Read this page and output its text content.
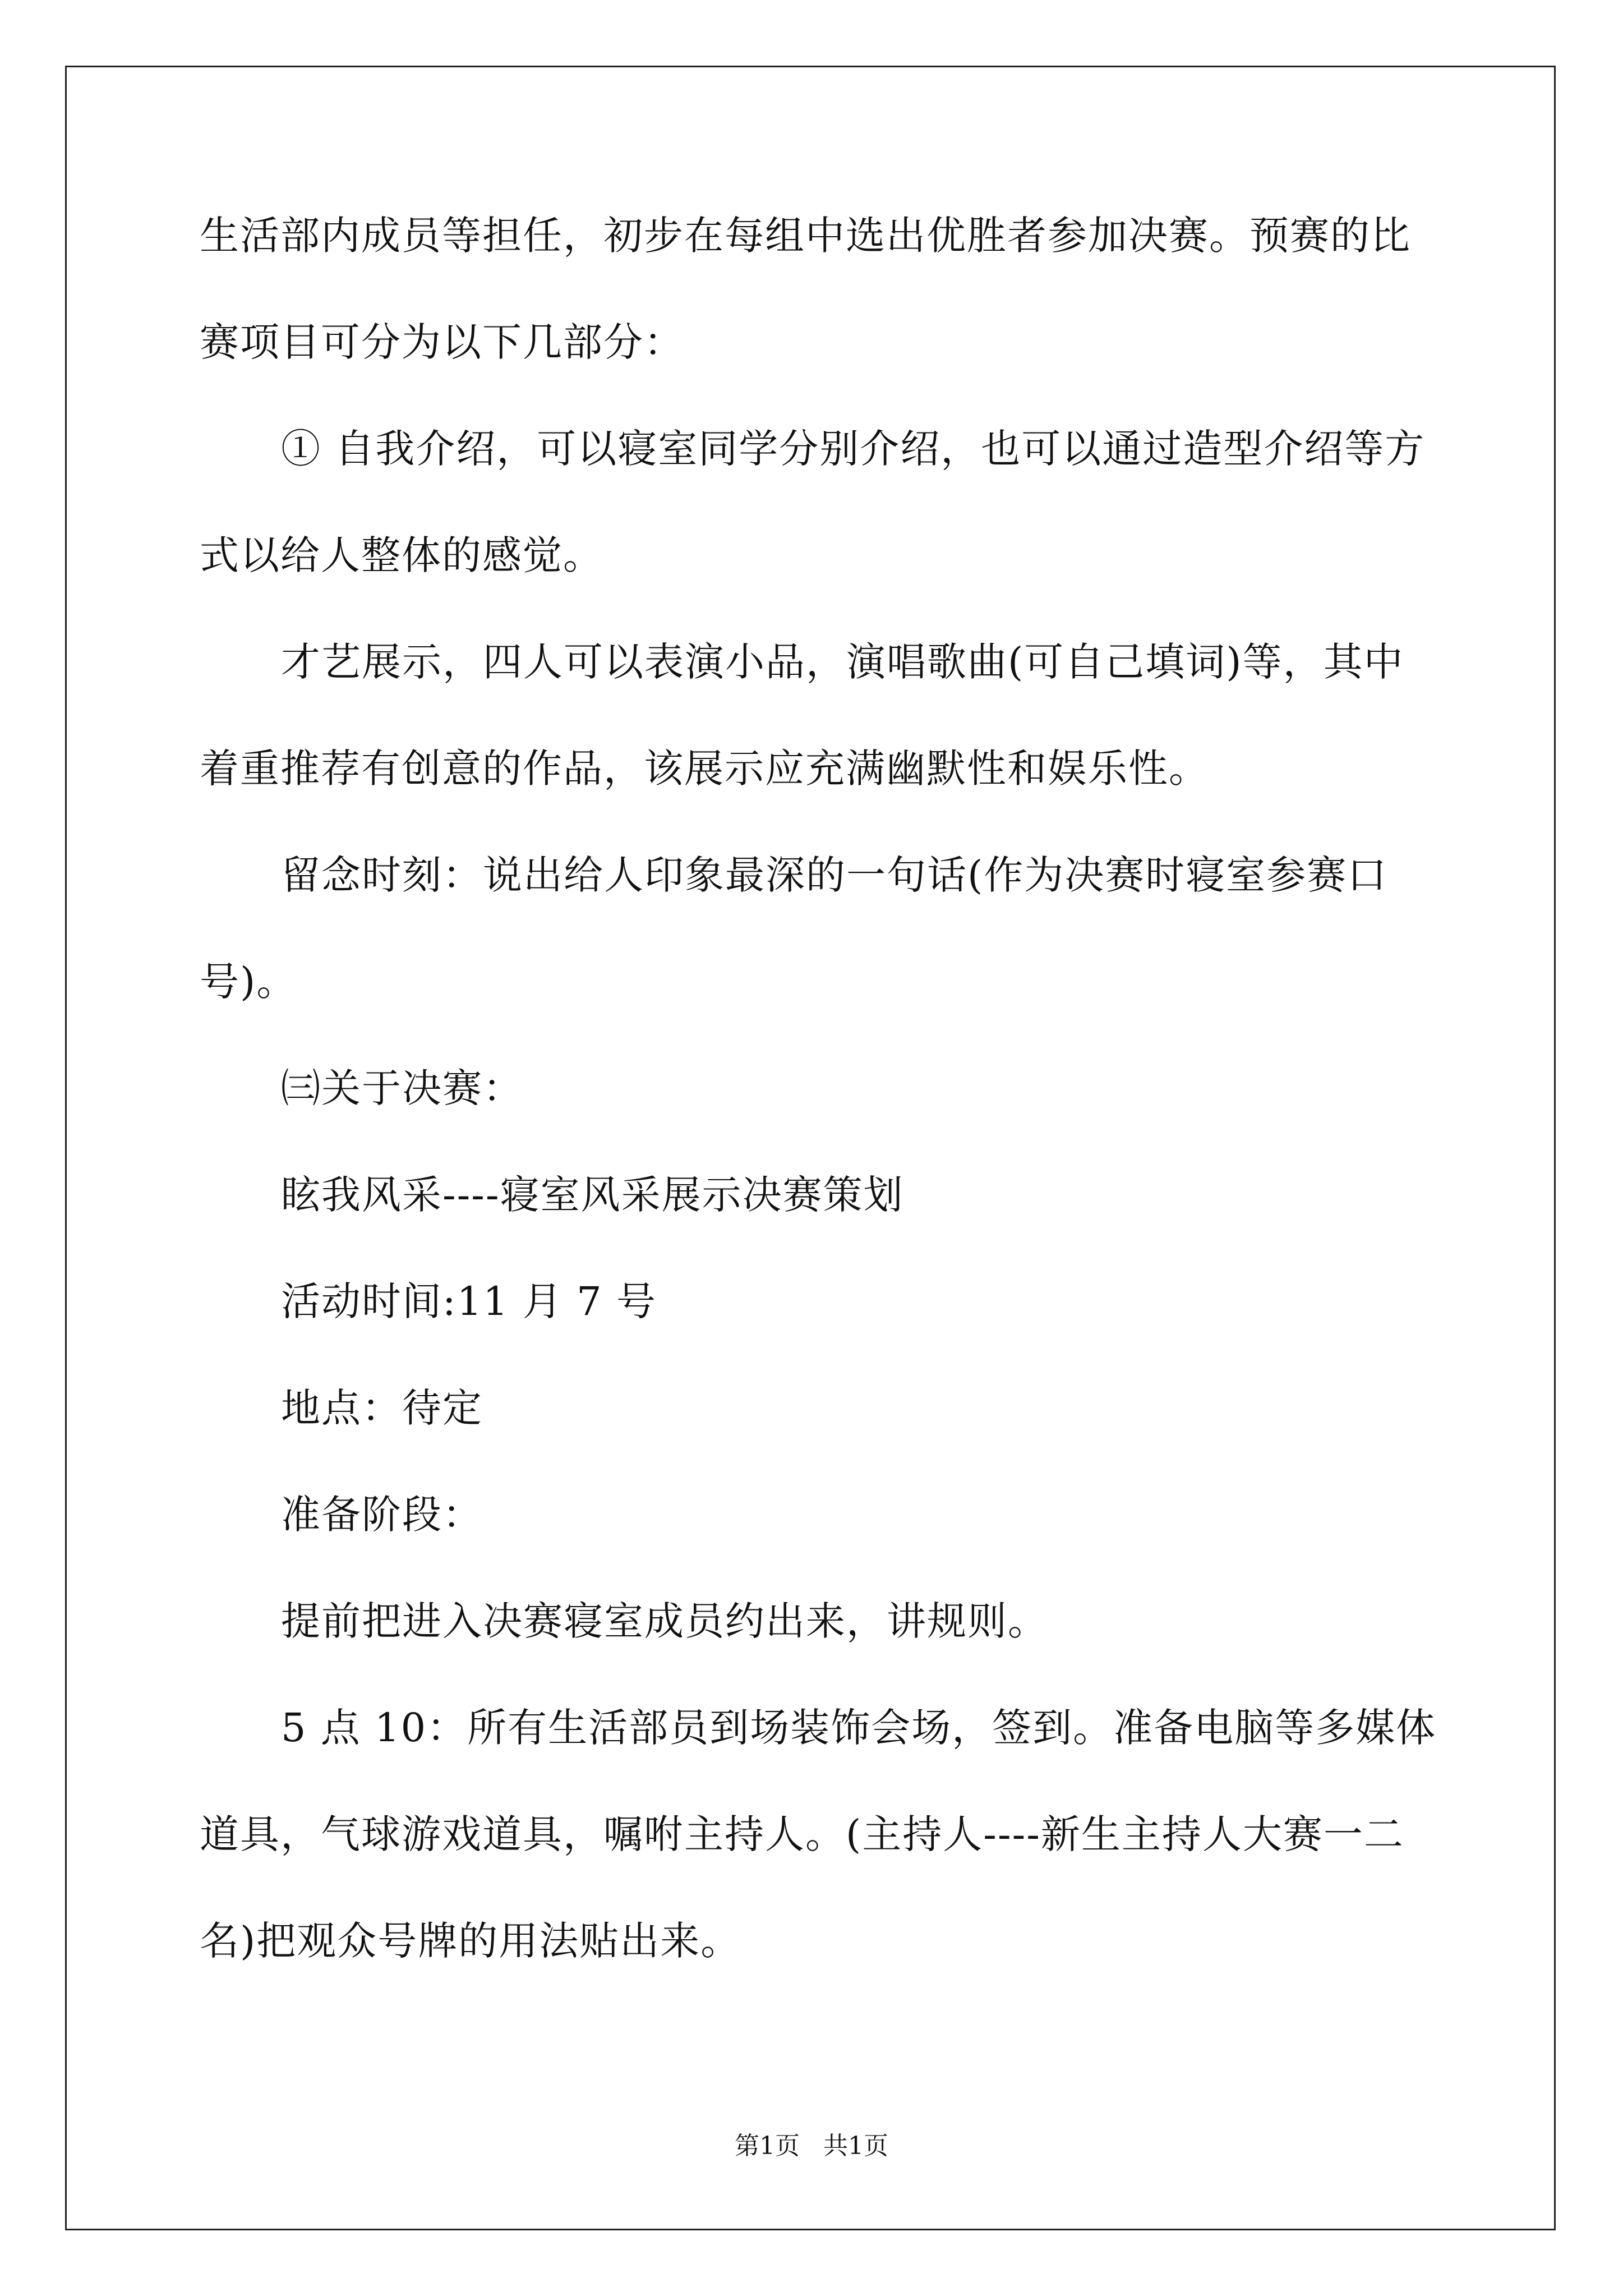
生活部内成员等担任，初步在每组中选出优胜者参加决赛。预赛的比
赛项目可分为以下几部分：
① 自我介绍，可以寝室同学分别介绍，也可以通过造型介绍等方
式以给人整体的感觉。
才艺展示，四人可以表演小品，演唱歌曲(可自己填词)等，其中
着重推荐有创意的作品，该展示应充满幽默性和娱乐性。
留念时刻：说出给人印象最深的一句话(作为决赛时寝室参赛口
号)。
㈢关于决赛：
眩我风采----寝室风采展示决赛策划
活动时间:11 月 7 号
地点：待定
准备阶段：
提前把进入决赛寝室成员约出来，讲规则。
5 点 10：所有生活部员到场装饰会场，签到。准备电脑等多媒体
道具，气球游戏道具，嘱咐主持人。(主持人----新生主持人大赛一二
名)把观众号牌的用法贴出来。
第1页   共1页
